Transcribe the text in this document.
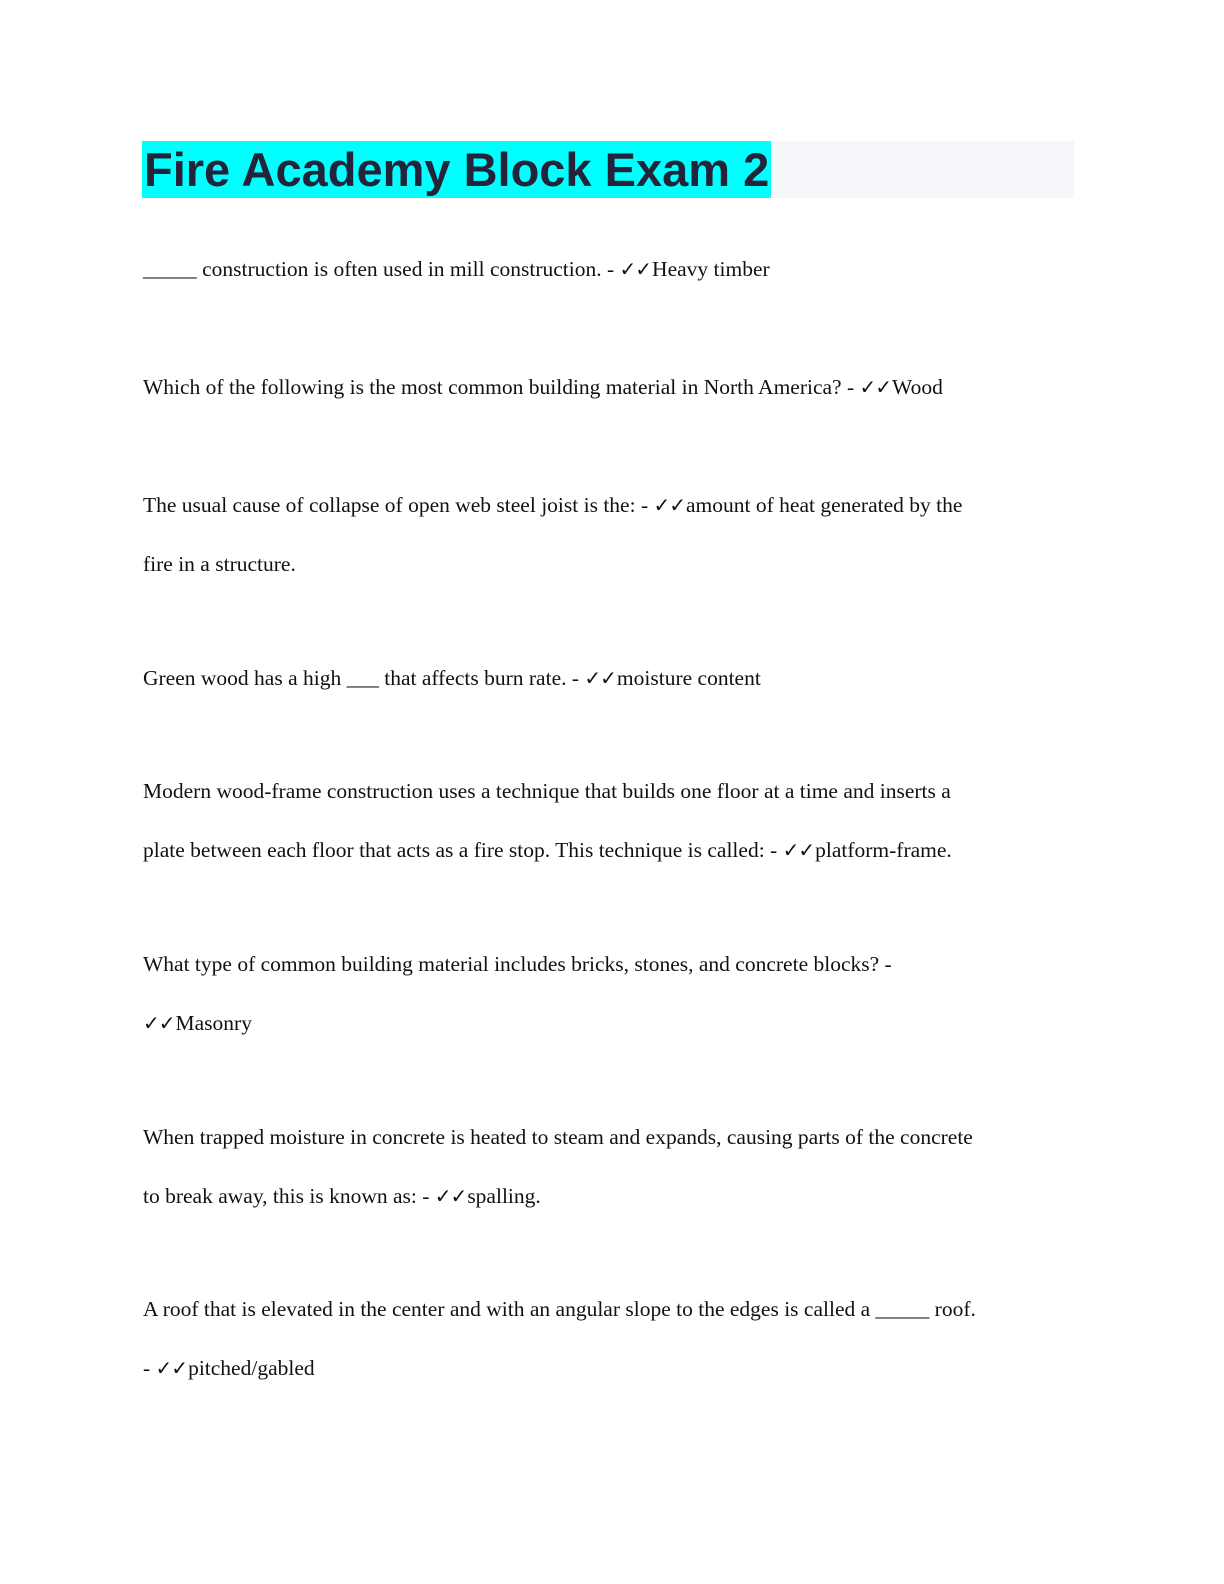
Fire Academy Block Exam 2
_____ construction is often used in mill construction. - ✓✓Heavy timber
Which of the following is the most common building material in North America? - ✓✓Wood
The usual cause of collapse of open web steel joist is the: - ✓✓amount of heat generated by the
fire in a structure.
Green wood has a high ___ that affects burn rate. - ✓✓moisture content
Modern wood-frame construction uses a technique that builds one floor at a time and inserts a
plate between each floor that acts as a fire stop. This technique is called: - ✓✓platform-frame.
What type of common building material includes bricks, stones, and concrete blocks? -
✓✓Masonry
When trapped moisture in concrete is heated to steam and expands, causing parts of the concrete
to break away, this is known as: - ✓✓spalling.
A roof that is elevated in the center and with an angular slope to the edges is called a _____ roof.
- ✓✓pitched/gabled
